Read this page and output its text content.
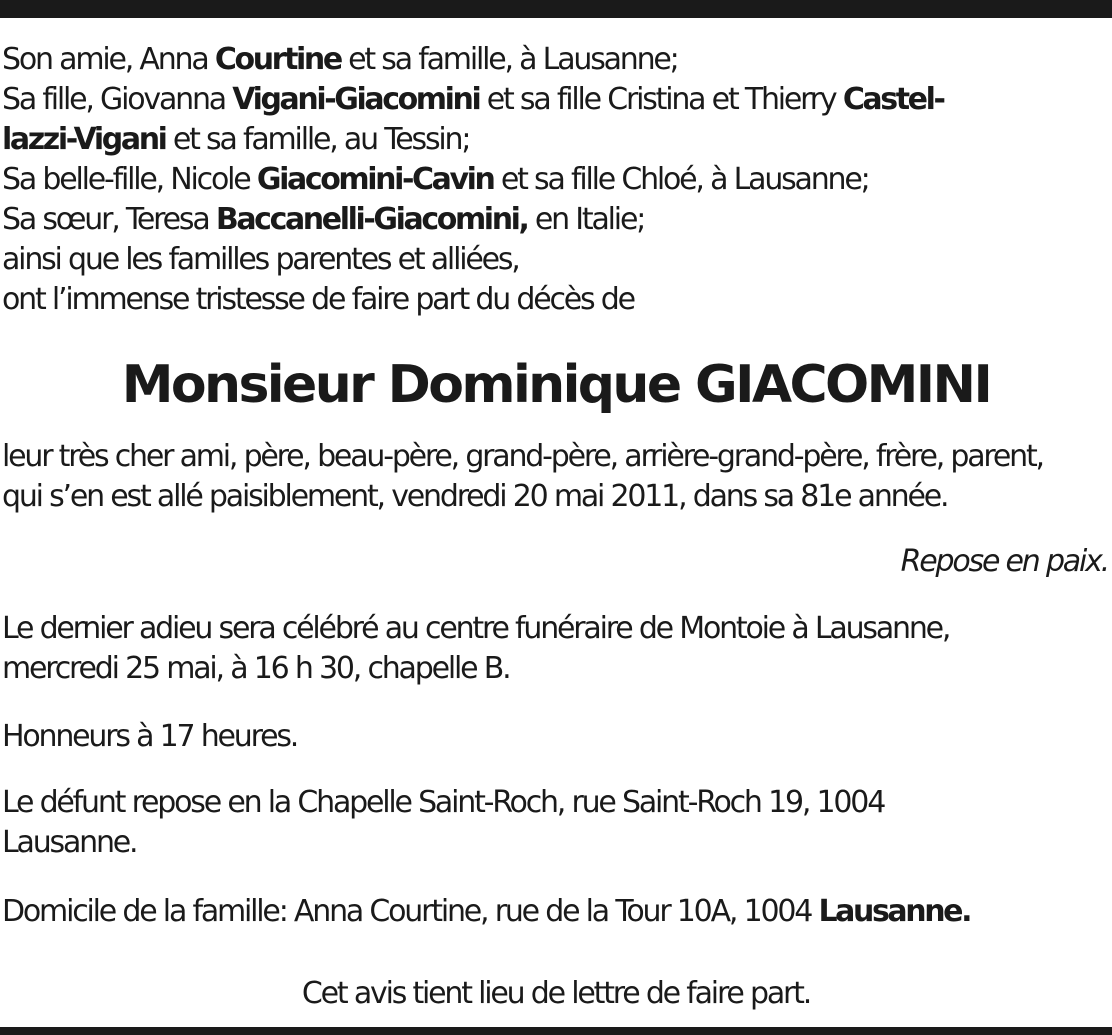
Son amie, Anna Courtine et sa famille, à Lausanne;
Sa fille, Giovanna Vigani-Giacomini et sa fille Cristina et Thierry Castel-
lazzi-Vigani et sa famille, au Tessin;
Sa belle-fille, Nicole Giacomini-Cavin et sa fille Chloé, à Lausanne;
Sa sœur, Teresa Baccanelli-Giacomini, en Italie;
ainsi que les familles parentes et alliées,
ont l’immense tristesse de faire part du décès de
Monsieur Dominique GIACOMINI
leur très cher ami, père, beau-père, grand-père, arrière-grand-père, frère, parent,
qui s’en est allé paisiblement, vendredi 20 mai 2011, dans sa 81e année.
Repose en paix.
Le dernier adieu sera célébré au centre funéraire de Montoie à Lausanne,
mercredi 25 mai, à 16 h 30, chapelle B.
Honneurs à 17 heures.
Le défunt repose en la Chapelle Saint-Roch, rue Saint-Roch 19, 1004
Lausanne.
Domicile de la famille: Anna Courtine, rue de la Tour 10A, 1004 Lausanne.
Cet avis tient lieu de lettre de faire part.
